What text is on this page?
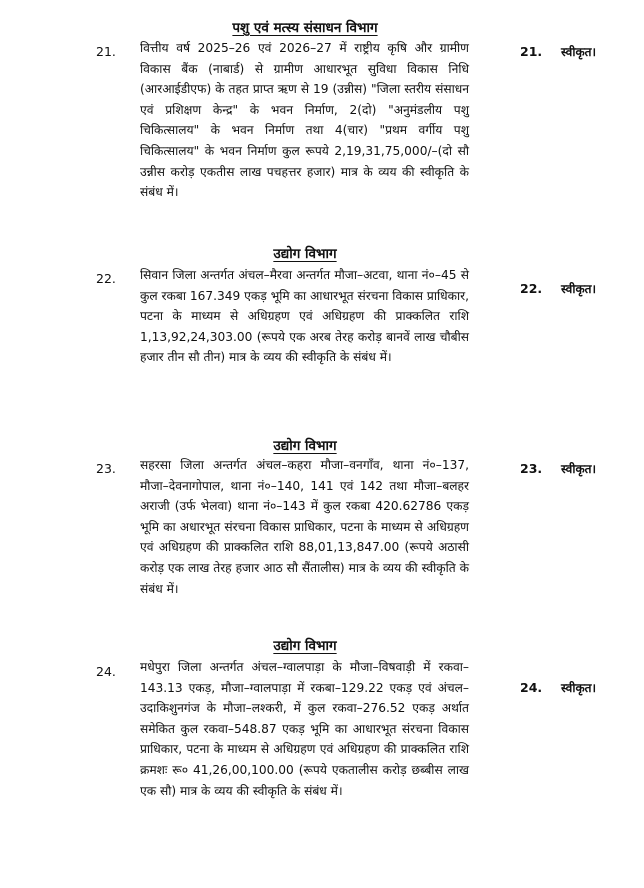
पशु एवं मत्स्य संसाधन विभाग
21. वित्तीय वर्ष 2025–26 एवं 2026–27 में राष्ट्रीय कृषि और ग्रामीण विकास बैंक (नाबार्ड) से ग्रामीण आधारभूत सुविधा विकास निधि (आरआईडीएफ) के तहत प्राप्त ऋण से 19 (उन्नीस) "जिला स्तरीय संसाधन एवं प्रशिक्षण केन्द्र" के भवन निर्माण, 2(दो) "अनुमंडलीय पशु चिकित्सालय" के भवन निर्माण तथा 4(चार) "प्रथम वर्गीय पशु चिकित्सालय" के भवन निर्माण कुल रूपये 2,19,31,75,000/–(दो सौ उन्नीस करोड़ एकतीस लाख पचहत्तर हजार) मात्र के व्यय की स्वीकृति के संबंध में।
21. स्वीकृत।
उद्योग विभाग
22. सिवान जिला अन्तर्गत अंचल–मैरवा अन्तर्गत मौजा–अटवा, थाना नं०–45 से कुल रकबा 167.349 एकड़ भूमि का आधारभूत संरचना विकास प्राधिकार, पटना के माध्यम से अधिग्रहण एवं अधिग्रहण की प्राक्कलित राशि 1,13,92,24,303.00 (रूपये एक अरब तेरह करोड़ बानवें लाख चौबीस हजार तीन सौ तीन) मात्र के व्यय की स्वीकृति के संबंध में।
22. स्वीकृत।
उद्योग विभाग
23. सहरसा जिला अन्तर्गत अंचल–कहरा मौजा–वनगाँव, थाना नं०–137, मौजा–देवनागोपाल, थाना नं०–140, 141 एवं 142 तथा मौजा–बलहर अराजी (उर्फ भेलवा) थाना नं०–143 में कुल रकबा 420.62786 एकड़ भूमि का अधारभूत संरचना विकास प्राधिकार, पटना के माध्यम से अधिग्रहण एवं अधिग्रहण की प्राक्कलित राशि 88,01,13,847.00 (रूपये अठासी करोड़ एक लाख तेरह हजार आठ सौ सैंतालीस) मात्र के व्यय की स्वीकृति के संबंध में।
23. स्वीकृत।
उद्योग विभाग
24. मधेपुरा जिला अन्तर्गत अंचल–ग्वालपाड़ा के मौजा–विषवाड़ी में रकवा–143.13 एकड़, मौजा–ग्वालपाड़ा में रकबा–129.22 एकड़ एवं अंचल–उदाकिशुनगंज के मौजा–लश्करी, में कुल रकवा–276.52 एकड़ अर्थात समेकित कुल रकवा–548.87 एकड़ भूमि का आधारभूत संरचना विकास प्राधिकार, पटना के माध्यम से अधिग्रहण एवं अधिग्रहण की प्राक्कलित राशि क्रमशः रू० 41,26,00,100.00 (रूपये एकतालीस करोड़ छब्बीस लाख एक सौ) मात्र के व्यय की स्वीकृति के संबंध में।
24. स्वीकृत।
